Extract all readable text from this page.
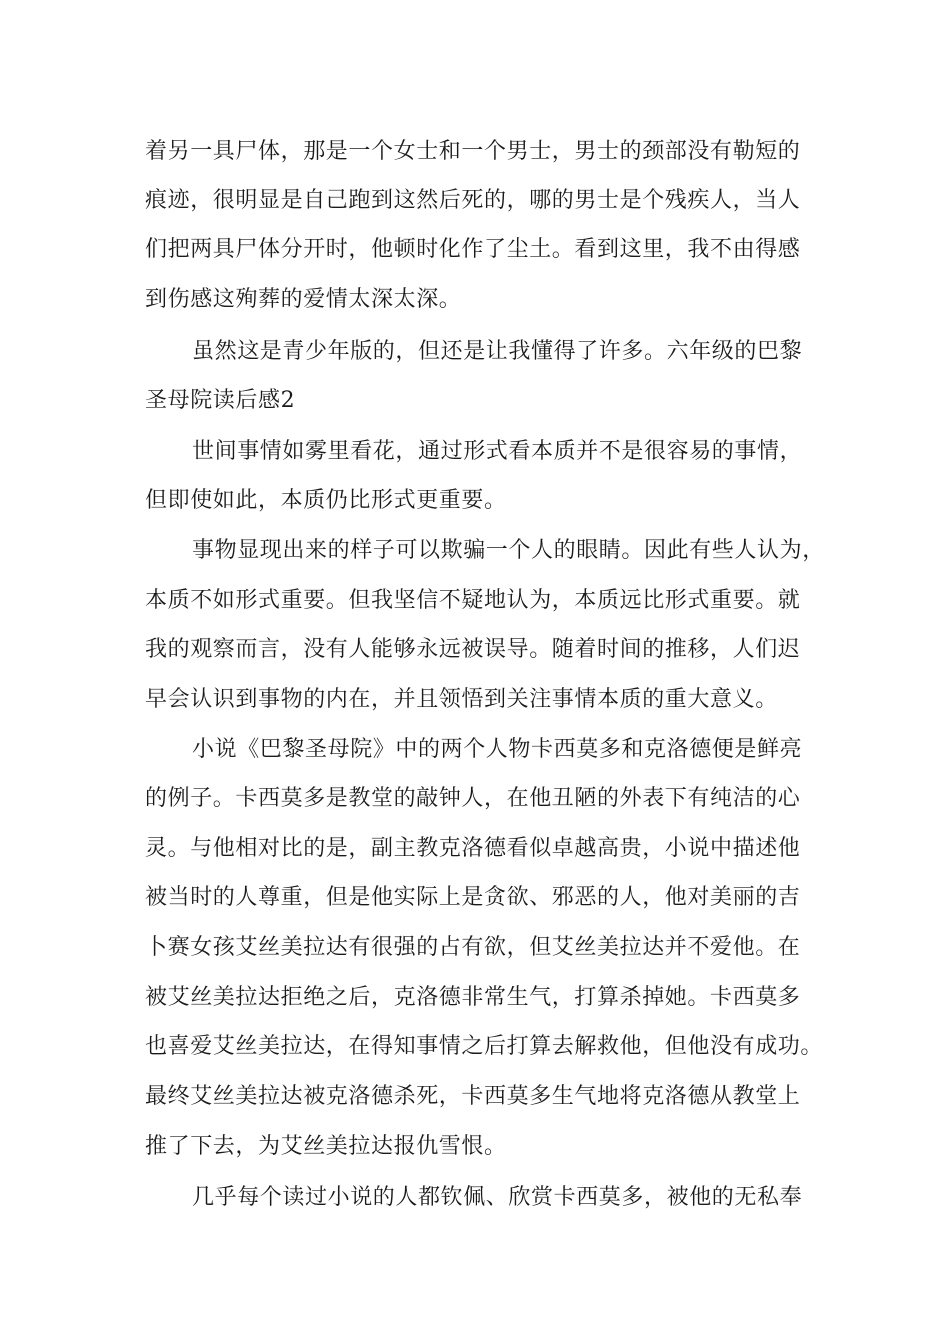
着另一具尸体，那是一个女士和一个男士，男士的颈部没有勒短的
痕迹，很明显是自己跑到这然后死的，哪的男士是个残疾人，当人
们把两具尸体分开时，他顿时化作了尘土。看到这里，我不由得感
到伤感这殉葬的爱情太深太深。
虽然这是青少年版的，但还是让我懂得了许多。六年级的巴黎
圣母院读后感2
世间事情如雾里看花，通过形式看本质并不是很容易的事情，
但即使如此，本质仍比形式更重要。
事物显现出来的样子可以欺骗一个人的眼睛。因此有些人认为，
本质不如形式重要。但我坚信不疑地认为，本质远比形式重要。就
我的观察而言，没有人能够永远被误导。随着时间的推移，人们迟
早会认识到事物的内在，并且领悟到关注事情本质的重大意义。
小说《巴黎圣母院》中的两个人物卡西莫多和克洛德便是鲜亮
的例子。卡西莫多是教堂的敲钟人，在他丑陋的外表下有纯洁的心
灵。与他相对比的是，副主教克洛德看似卓越高贵，小说中描述他
被当时的人尊重，但是他实际上是贪欲、邪恶的人，他对美丽的吉
卜赛女孩艾丝美拉达有很强的占有欲，但艾丝美拉达并不爱他。在
被艾丝美拉达拒绝之后，克洛德非常生气，打算杀掉她。卡西莫多
也喜爱艾丝美拉达，在得知事情之后打算去解救他，但他没有成功。
最终艾丝美拉达被克洛德杀死，卡西莫多生气地将克洛德从教堂上
推了下去，为艾丝美拉达报仇雪恨。
几乎每个读过小说的人都钦佩、欣赏卡西莫多，被他的无私奉
